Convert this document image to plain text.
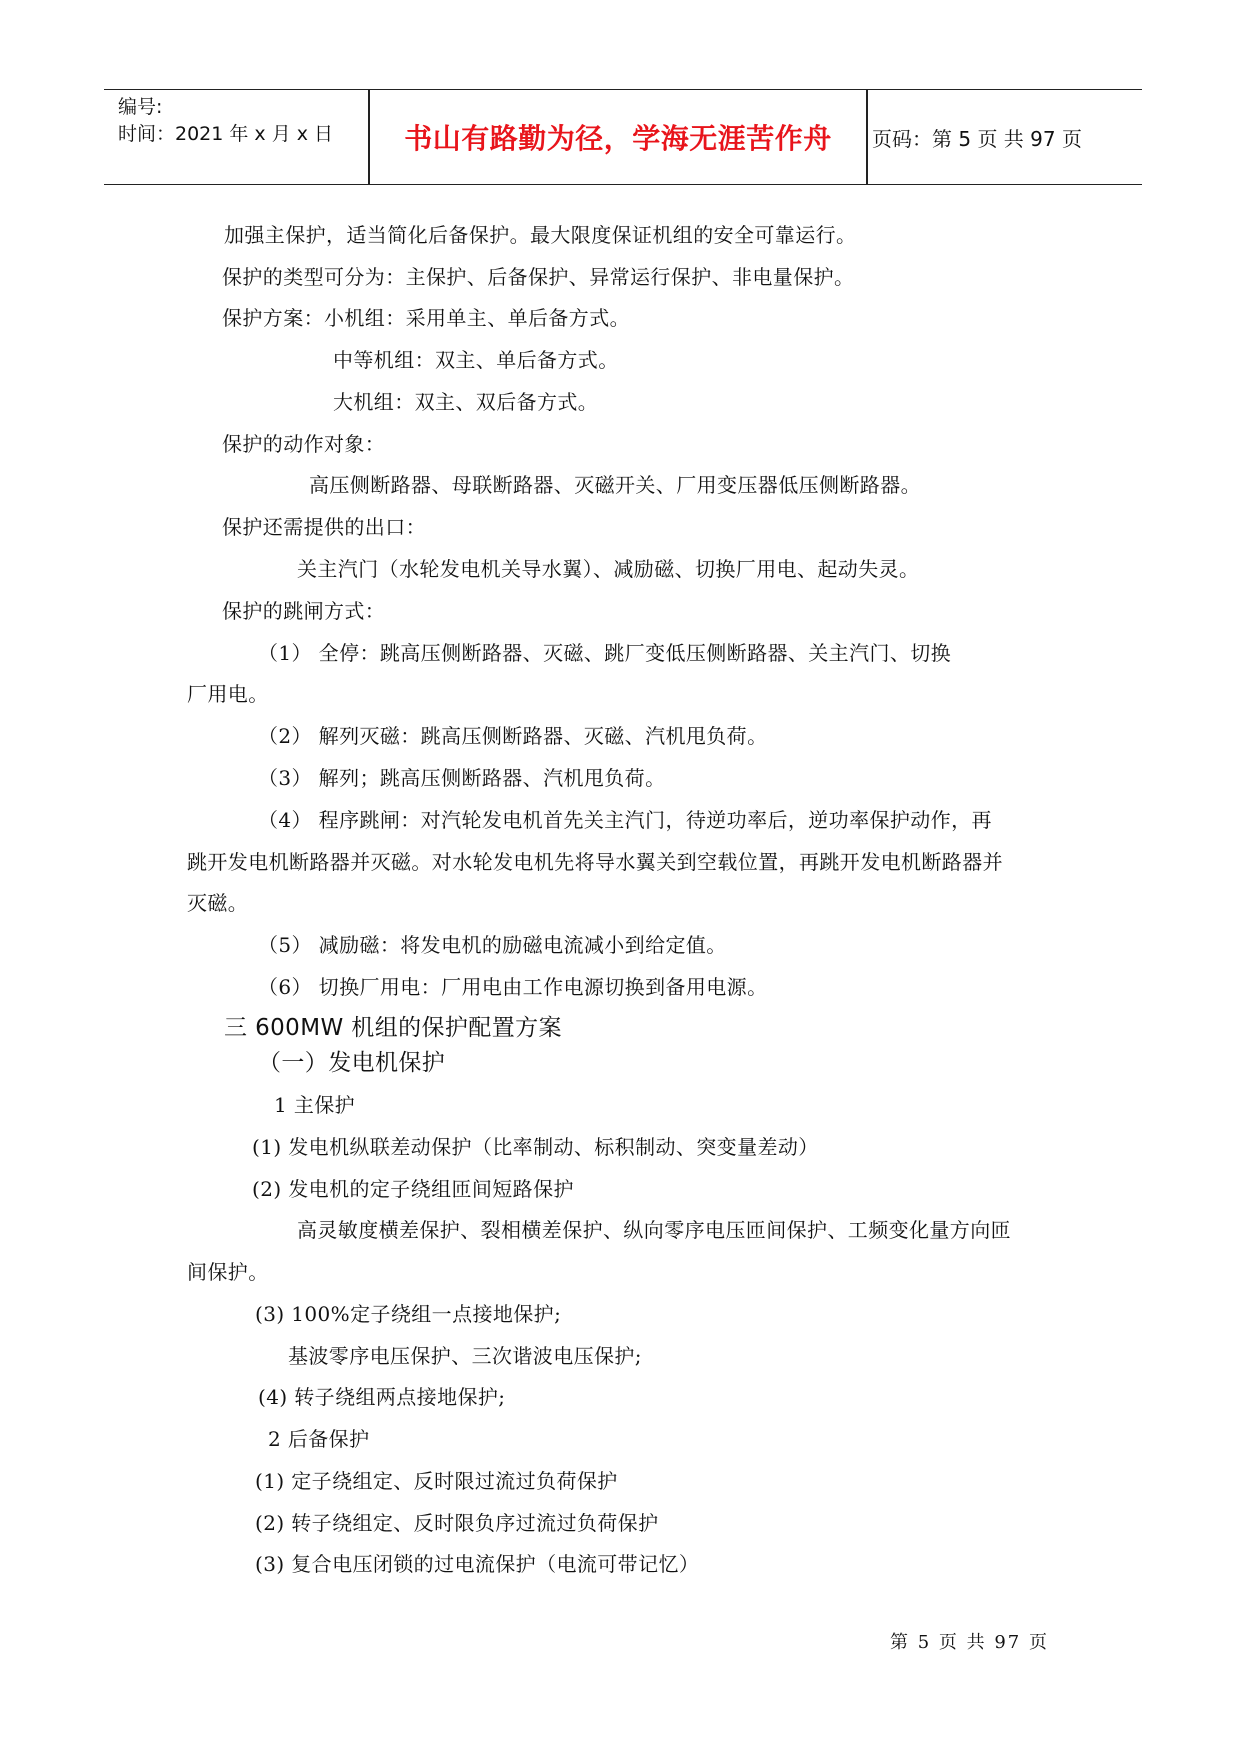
编号:
时间：2021 年 x 月 x 日	书山有路勤为径，学海无涯苦作舟	页码：第 5 页 共 97 页
加强主保护，适当简化后备保护。最大限度保证机组的安全可靠运行。
保护的类型可分为：主保护、后备保护、异常运行保护、非电量保护。
保护方案：小机组：采用单主、单后备方式。
中等机组：双主、单后备方式。
大机组：双主、双后备方式。
保护的动作对象：
高压侧断路器、母联断路器、灭磁开关、厂用变压器低压侧断路器。
保护还需提供的出口：
关主汽门（水轮发电机关导水翼）、减励磁、切换厂用电、起动失灵。
保护的跳闸方式：
（1） 全停：跳高压侧断路器、灭磁、跳厂变低压侧断路器、关主汽门、切换
厂用电。
（2） 解列灭磁：跳高压侧断路器、灭磁、汽机甩负荷。
（3） 解列；跳高压侧断路器、汽机甩负荷。
（4） 程序跳闸：对汽轮发电机首先关主汽门，待逆功率后，逆功率保护动作，再
跳开发电机断路器并灭磁。对水轮发电机先将导水翼关到空载位置，再跳开发电机断路器并
灭磁。
（5） 减励磁：将发电机的励磁电流减小到给定值。
（6） 切换厂用电：厂用电由工作电源切换到备用电源。
三 600MW 机组的保护配置方案
（一）发电机保护
1 主保护
(1) 发电机纵联差动保护（比率制动、标积制动、突变量差动）
(2) 发电机的定子绕组匝间短路保护
高灵敏度横差保护、裂相横差保护、纵向零序电压匝间保护、工频变化量方向匝
间保护。
(3) 100%定子绕组一点接地保护;
基波零序电压保护、三次谐波电压保护;
(4) 转子绕组两点接地保护;
2 后备保护
(1) 定子绕组定、反时限过流过负荷保护
(2) 转子绕组定、反时限负序过流过负荷保护
(3) 复合电压闭锁的过电流保护（电流可带记忆）
第 5 页 共 97 页
